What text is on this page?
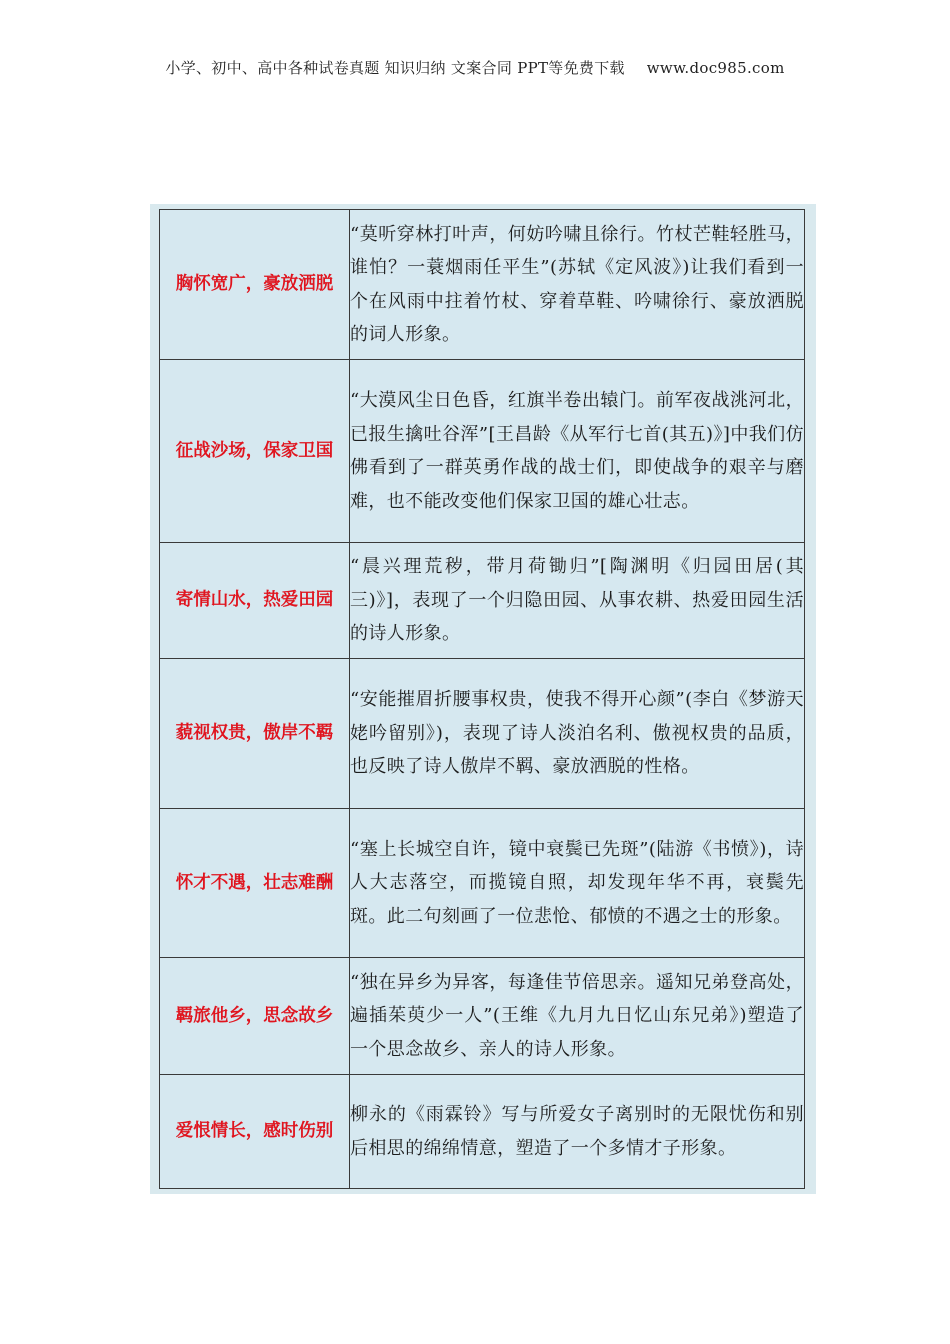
小学、初中、高中各种试卷真题 知识归纳 文案合同 PPT等免费下载 www.doc985.com
胸怀宽广，豪放洒脱	“莫听穿林打叶声，何妨吟啸且徐行。竹杖芒鞋轻胜马，谁怕？一蓑烟雨任平生”(苏轼《定风波》)让我们看到一个在风雨中拄着竹杖、穿着草鞋、吟啸徐行、豪放洒脱的词人形象。
征战沙场，保家卫国	“大漠风尘日色昏，红旗半卷出辕门。前军夜战洮河北，已报生擒吐谷浑”[王昌龄《从军行七首(其五)》]中我们仿佛看到了一群英勇作战的战士们，即使战争的艰辛与磨难，也不能改变他们保家卫国的雄心壮志。
寄情山水，热爱田园	“晨兴理荒秽，带月荷锄归”[陶渊明《归园田居(其三)》]，表现了一个归隐田园、从事农耕、热爱田园生活的诗人形象。
藐视权贵，傲岸不羁	“安能摧眉折腰事权贵，使我不得开心颜”(李白《梦游天姥吟留别》)，表现了诗人淡泊名利、傲视权贵的品质，也反映了诗人傲岸不羁、豪放洒脱的性格。
怀才不遇，壮志难酬	“塞上长城空自许，镜中衰鬓已先斑”(陆游《书愤》)，诗人大志落空，而揽镜自照，却发现年华不再，衰鬓先斑。此二句刻画了一位悲怆、郁愤的不遇之士的形象。
羁旅他乡，思念故乡	“独在异乡为异客，每逢佳节倍思亲。遥知兄弟登高处，遍插茱萸少一人”(王维《九月九日忆山东兄弟》)塑造了一个思念故乡、亲人的诗人形象。
爱恨情长，感时伤别	柳永的《雨霖铃》写与所爱女子离别时的无限忧伤和别后相思的绵绵情意，塑造了一个多情才子形象。
